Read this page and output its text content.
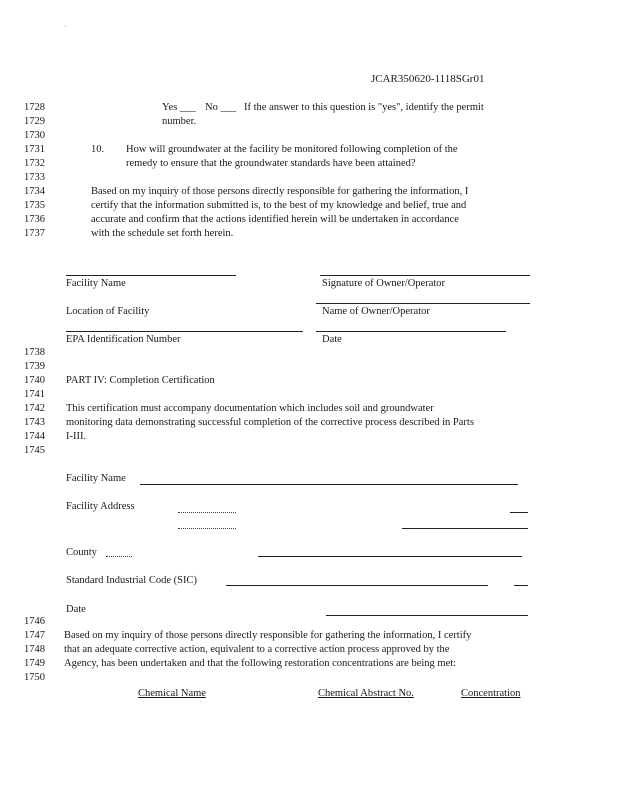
·
JCAR350620-1118SGr01
1728
1729
1730
1731
1732
1733
1734
1735
1736
1737
1738
1739
1740
1741
1742
1743
1744
1745
1746
1747
1748
1749
1750
Yes ___ No ___ If the answer to this question is "yes", identify the permit
number.
10. How will groundwater at the facility be monitored following completion of the
remedy to ensure that the groundwater standards have been attained?
Based on my inquiry of those persons directly responsible for gathering the information, I
certify that the information submitted is, to the best of my knowledge and belief, true and
accurate and confirm that the actions identified herein will be undertaken in accordance
with the schedule set forth herein.
Facility Name	Signature of Owner/Operator
Location of Facility	Name of Owner/Operator
EPA Identification Number	Date
PART IV: Completion Certification
This certification must accompany documentation which includes soil and groundwater
monitoring data demonstrating successful completion of the corrective process described in Parts
I-III.
Facility Name
Facility Address
County
Standard Industrial Code (SIC)
Date
Based on my inquiry of those persons directly responsible for gathering the information, I certify
that an adequate corrective action, equivalent to a corrective action process approved by the
Agency, has been undertaken and that the following restoration concentrations are being met:
Chemical Name	Chemical Abstract No.	Concentration
